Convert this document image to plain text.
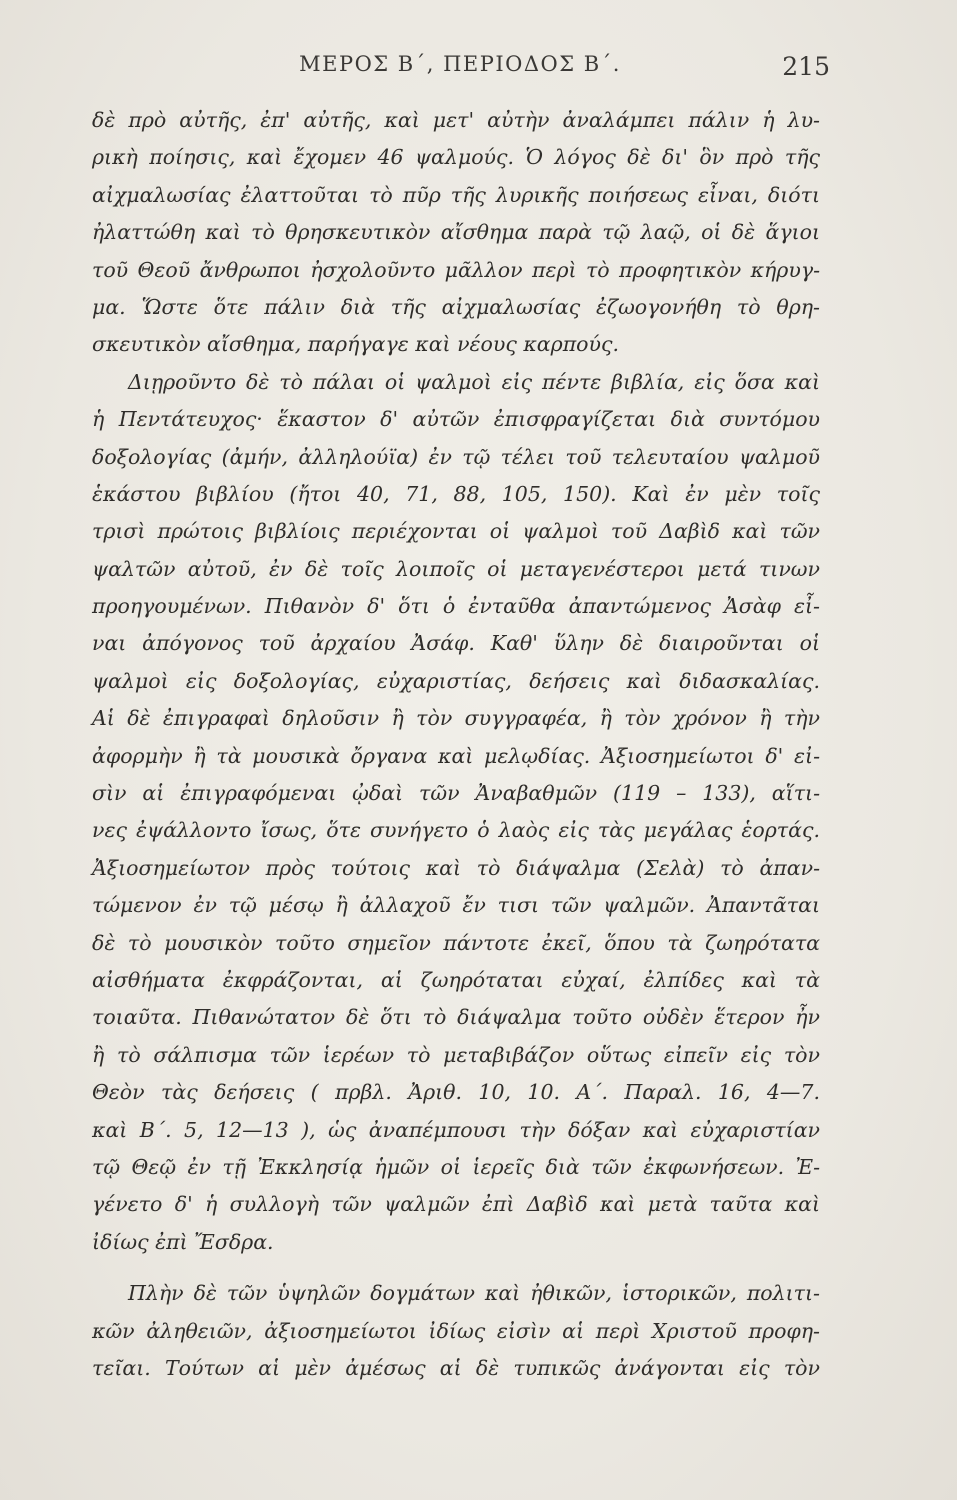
ΜΕΡΟΣ Β΄, ΠΕΡΙΟΔΟΣ Β΄.	215
δὲ πρὸ αὐτῆς, ἐπ' αὐτῆς, καὶ μετ' αὐτὴν ἀναλάμπει πάλιν ἡ λυ-
ρικὴ ποίησις, καὶ ἔχομεν 46 ψαλμούς. Ὁ λόγος δὲ δι' ὃν πρὸ τῆς
αἰχμαλωσίας ἐλαττοῦται τὸ πῦρ τῆς λυρικῆς ποιήσεως εἶναι, διότι
ἠλαττώθη καὶ τὸ θρησκευτικὸν αἴσθημα παρὰ τῷ λαῷ, οἱ δὲ ἅγιοι
τοῦ Θεοῦ ἄνθρωποι ἠσχολοῦντο μᾶλλον περὶ τὸ προφητικὸν κήρυγ-
μα. Ὥστε ὅτε πάλιν διὰ τῆς αἰχμαλωσίας ἐζωογονήθη τὸ θρη-
σκευτικὸν αἴσθημα, παρήγαγε καὶ νέους καρπούς.
Διῃροῦντο δὲ τὸ πάλαι οἱ ψαλμοὶ εἰς πέντε βιβλία, εἰς ὅσα καὶ
ἡ Πεντάτευχος· ἕκαστον δ' αὐτῶν ἐπισφραγίζεται διὰ συντόμου
δοξολογίας (ἀμήν, ἀλληλούϊα) ἐν τῷ τέλει τοῦ τελευταίου ψαλμοῦ
ἑκάστου βιβλίου (ἤτοι 40, 71, 88, 105, 150). Καὶ ἐν μὲν τοῖς
τρισὶ πρώτοις βιβλίοις περιέχονται οἱ ψαλμοὶ τοῦ Δαβὶδ καὶ τῶν
ψαλτῶν αὐτοῦ, ἐν δὲ τοῖς λοιποῖς οἱ μεταγενέστεροι μετά τινων
προηγουμένων. Πιθανὸν δ' ὅτι ὁ ἐνταῦθα ἀπαντώμενος Ἀσὰφ εἶ-
ναι ἀπόγονος τοῦ ἀρχαίου Ἀσάφ. Καθ' ὕλην δὲ διαιροῦνται οἱ
ψαλμοὶ εἰς δοξολογίας, εὐχαριστίας, δεήσεις καὶ διδασκαλίας.
Αἱ δὲ ἐπιγραφαὶ δηλοῦσιν ἢ τὸν συγγραφέα, ἢ τὸν χρόνον ἢ τὴν
ἀφορμὴν ἢ τὰ μουσικὰ ὄργανα καὶ μελῳδίας. Ἀξιοσημείωτοι δ' εἰ-
σὶν αἱ ἐπιγραφόμεναι ᾠδαὶ τῶν Ἀναβαθμῶν (119 – 133), αἵτι-
νες ἐψάλλοντο ἴσως, ὅτε συνήγετο ὁ λαὸς εἰς τὰς μεγάλας ἑορτάς.
Ἀξιοσημείωτον πρὸς τούτοις καὶ τὸ διάψαλμα (Σελὰ) τὸ ἀπαν-
τώμενον ἐν τῷ μέσῳ ἢ ἀλλαχοῦ ἔν τισι τῶν ψαλμῶν. Ἀπαντᾶται
δὲ τὸ μουσικὸν τοῦτο σημεῖον πάντοτε ἐκεῖ, ὅπου τὰ ζωηρότατα
αἰσθήματα ἐκφράζονται, αἱ ζωηρόταται εὐχαί, ἐλπίδες καὶ τὰ
τοιαῦτα. Πιθανώτατον δὲ ὅτι τὸ διάψαλμα τοῦτο οὐδὲν ἕτερον ἦν
ἢ τὸ σάλπισμα τῶν ἱερέων τὸ μεταβιβάζον οὕτως εἰπεῖν εἰς τὸν
Θεὸν τὰς δεήσεις ( πρβλ. Ἀριθ. 10, 10. Α΄. Παραλ. 16, 4—7.
καὶ Β΄. 5, 12—13 ), ὡς ἀναπέμπουσι τὴν δόξαν καὶ εὐχαριστίαν
τῷ Θεῷ ἐν τῇ Ἐκκλησίᾳ ἡμῶν οἱ ἱερεῖς διὰ τῶν ἐκφωνήσεων. Ἐ-
γένετο δ' ἡ συλλογὴ τῶν ψαλμῶν ἐπὶ Δαβὶδ καὶ μετὰ ταῦτα καὶ
ἰδίως ἐπὶ Ἔσδρα.
Πλὴν δὲ τῶν ὑψηλῶν δογμάτων καὶ ἠθικῶν, ἱστορικῶν, πολιτι-
κῶν ἀληθειῶν, ἀξιοσημείωτοι ἰδίως εἰσὶν αἱ περὶ Χριστοῦ προφη-
τεῖαι. Τούτων αἱ μὲν ἀμέσως αἱ δὲ τυπικῶς ἀνάγονται εἰς τὸν
